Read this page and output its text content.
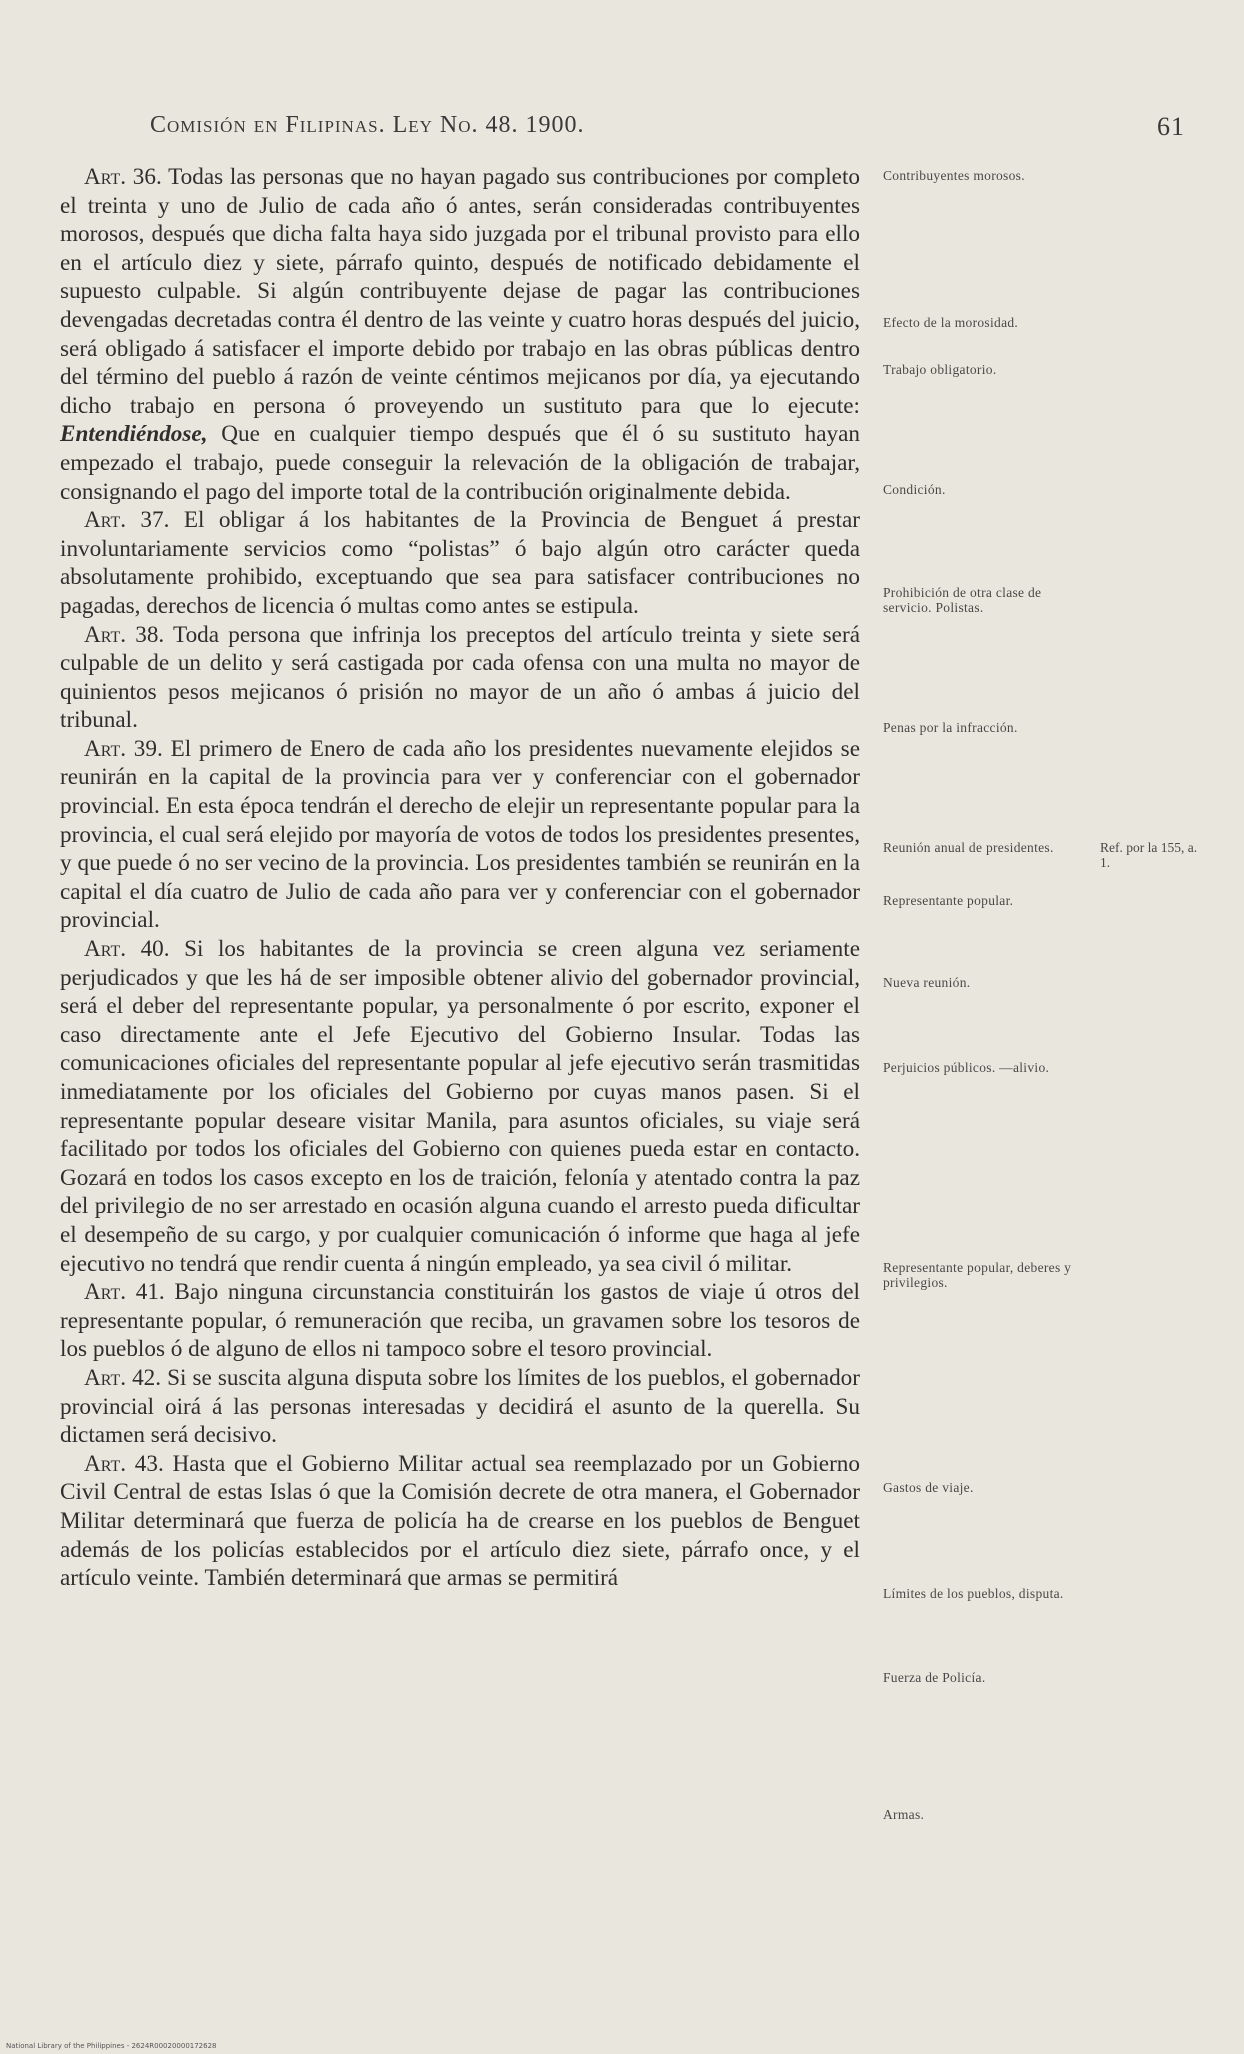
Comisión en Filipinas. Ley No. 48. 1900.	61

Art. 36. Todas las personas que no hayan pagado sus contribuciones por completo el treinta y uno de Julio de cada año ó antes, serán consideradas contribuyentes morosos, después que dicha falta haya sido juzgada por el tribunal provisto para ello en el artículo diez y siete, párrafo quinto, después de notificado debidamente el supuesto culpable. Si algún contribuyente dejase de pagar las contribuciones devengadas decretadas contra él dentro de las veinte y cuatro horas después del juicio, será obligado á satisfacer el importe debido por trabajo en las obras públicas dentro del término del pueblo á razón de veinte céntimos mejicanos por día, ya ejecutando dicho trabajo en persona ó proveyendo un sustituto para que lo ejecute: Entendiéndose, Que en cualquier tiempo después que él ó su sustituto hayan empezado el trabajo, puede conseguir la relevación de la obligación de trabajar, consignando el pago del importe total de la contribución originalmente debida.

Art. 37. El obligar á los habitantes de la Provincia de Benguet á prestar involuntariamente servicios como “polistas” ó bajo algún otro carácter queda absolutamente prohibido, exceptuando que sea para satisfacer contribuciones no pagadas, derechos de licencia ó multas como antes se estipula.

Art. 38. Toda persona que infrinja los preceptos del artículo treinta y siete será culpable de un delito y será castigada por cada ofensa con una multa no mayor de quinientos pesos mejicanos ó prisión no mayor de un año ó ambas á juicio del tribunal.

Art. 39. El primero de Enero de cada año los presidentes nuevamente elejidos se reunirán en la capital de la provincia para ver y conferenciar con el gobernador provincial. En esta época tendrán el derecho de elejir un representante popular para la provincia, el cual será elejido por mayoría de votos de todos los presidentes presentes, y que puede ó no ser vecino de la provincia. Los presidentes también se reunirán en la capital el día cuatro de Julio de cada año para ver y conferenciar con el gobernador provincial.

Art. 40. Si los habitantes de la provincia se creen alguna vez seriamente perjudicados y que les há de ser imposible obtener alivio del gobernador provincial, será el deber del representante popular, ya personalmente ó por escrito, exponer el caso directamente ante el Jefe Ejecutivo del Gobierno Insular. Todas las comunicaciones oficiales del representante popular al jefe ejecutivo serán trasmitidas inmediatamente por los oficiales del Gobierno por cuyas manos pasen. Si el representante popular deseare visitar Manila, para asuntos oficiales, su viaje será facilitado por todos los oficiales del Gobierno con quienes pueda estar en contacto. Gozará en todos los casos excepto en los de traición, felonía y atentado contra la paz del privilegio de no ser arrestado en ocasión alguna cuando el arresto pueda dificultar el desempeño de su cargo, y por cualquier comunicación ó informe que haga al jefe ejecutivo no tendrá que rendir cuenta á ningún empleado, ya sea civil ó militar.

Art. 41. Bajo ninguna circunstancia constituirán los gastos de viaje ú otros del representante popular, ó remuneración que reciba, un gravamen sobre los tesoros de los pueblos ó de alguno de ellos ni tampoco sobre el tesoro provincial.

Art. 42. Si se suscita alguna disputa sobre los límites de los pueblos, el gobernador provincial oirá á las personas interesadas y decidirá el asunto de la querella. Su dictamen será decisivo.

Art. 43. Hasta que el Gobierno Militar actual sea reemplazado por un Gobierno Civil Central de estas Islas ó que la Comisión decrete de otra manera, el Gobernador Militar determinará que fuerza de policía ha de crearse en los pueblos de Benguet además de los policías establecidos por el artículo diez siete, párrafo once, y el artículo veinte. También determinará que armas se permitirá

Contribuyentes morosos.
Efecto de la morosidad.
Trabajo obligatorio.
Condición.
Prohibición de otra clase de servicio. Polistas.
Penas por la infracción.
Reunión anual de presidentes.
Representante popular.
Nueva reunión.
Perjuicios públicos. —alivio.
Representante popular, deberes y privilegios.
Gastos de viaje.
Límites de los pueblos, disputa.
Fuerza de Policía.
Armas.
Ref. por la 155, a. 1.
National Library of the Philippines - 2624R00020000172628
